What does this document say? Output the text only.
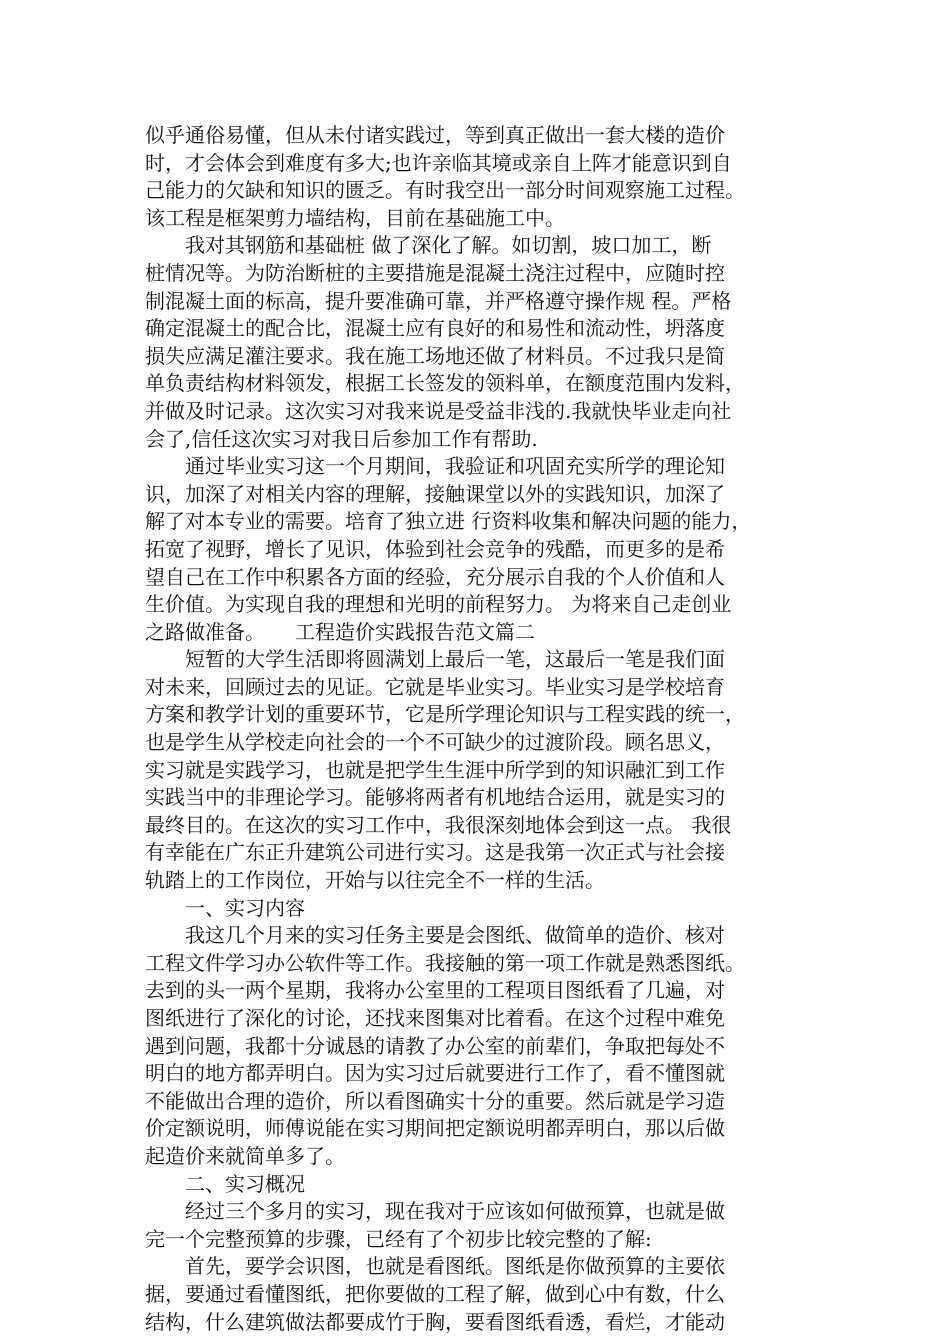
似乎通俗易懂，但从未付诸实践过，等到真正做出一套大楼的造价
时，才会体会到难度有多大;也许亲临其境或亲自上阵才能意识到自
己能力的欠缺和知识的匮乏。有时我空出一部分时间观察施工过程。
该工程是框架剪力墙结构，目前在基础施工中。
　　我对其钢筋和基础桩 做了深化了解。如切割，坡口加工，断
桩情况等。为防治断桩的主要措施是混凝土浇注过程中，应随时控
制混凝土面的标高，提升要准确可靠，并严格遵守操作规 程。严格
确定混凝土的配合比，混凝土应有良好的和易性和流动性，坍落度
损失应满足灌注要求。我在施工场地还做了材料员。不过我只是简
单负责结构材料领发，根据工长签发的领料单，在额度范围内发料，
并做及时记录。这次实习对我来说是受益非浅的.我就快毕业走向社
会了,信任这次实习对我日后参加工作有帮助.
　　通过毕业实习这一个月期间，我验证和巩固充实所学的理论知
识，加深了对相关内容的理解，接触课堂以外的实践知识，加深了
解了对本专业的需要。培育了独立进 行资料收集和解决问题的能力，
拓宽了视野，增长了见识，体验到社会竞争的残酷，而更多的是希
望自己在工作中积累各方面的经验，充分展示自我的个人价值和人
生价值。为实现自我的理想和光明的前程努力。 为将来自己走创业
之路做准备。　　工程造价实践报告范文篇二
　　短暂的大学生活即将圆满划上最后一笔，这最后一笔是我们面
对未来，回顾过去的见证。它就是毕业实习。毕业实习是学校培育
方案和教学计划的重要环节，它是所学理论知识与工程实践的统一，
也是学生从学校走向社会的一个不可缺少的过渡阶段。顾名思义，
实习就是实践学习，也就是把学生生涯中所学到的知识融汇到工作
实践当中的非理论学习。能够将两者有机地结合运用，就是实习的
最终目的。在这次的实习工作中，我很深刻地体会到这一点。 我很
有幸能在广东正升建筑公司进行实习。这是我第一次正式与社会接
轨踏上的工作岗位，开始与以往完全不一样的生活。
　　一、实习内容
　　我这几个月来的实习任务主要是会图纸、做简单的造价、核对
工程文件学习办公软件等工作。我接触的第一项工作就是熟悉图纸。
去到的头一两个星期，我将办公室里的工程项目图纸看了几遍，对
图纸进行了深化的讨论，还找来图集对比着看。在这个过程中难免
遇到问题，我都十分诚恳的请教了办公室的前辈们，争取把每处不
明白的地方都弄明白。因为实习过后就要进行工作了，看不懂图就
不能做出合理的造价，所以看图确实十分的重要。然后就是学习造
价定额说明，师傅说能在实习期间把定额说明都弄明白，那以后做
起造价来就简单多了。
　　二、实习概况
　　经过三个多月的实习，现在我对于应该如何做预算，也就是做
完一个完整预算的步骤，已经有了个初步比较完整的了解:
　　首先，要学会识图，也就是看图纸。图纸是你做预算的主要依
据，要通过看懂图纸，把你要做的工程了解，做到心中有数，什么
结构，什么建筑做法都要成竹于胸，要看图纸看透，看烂，才能动
